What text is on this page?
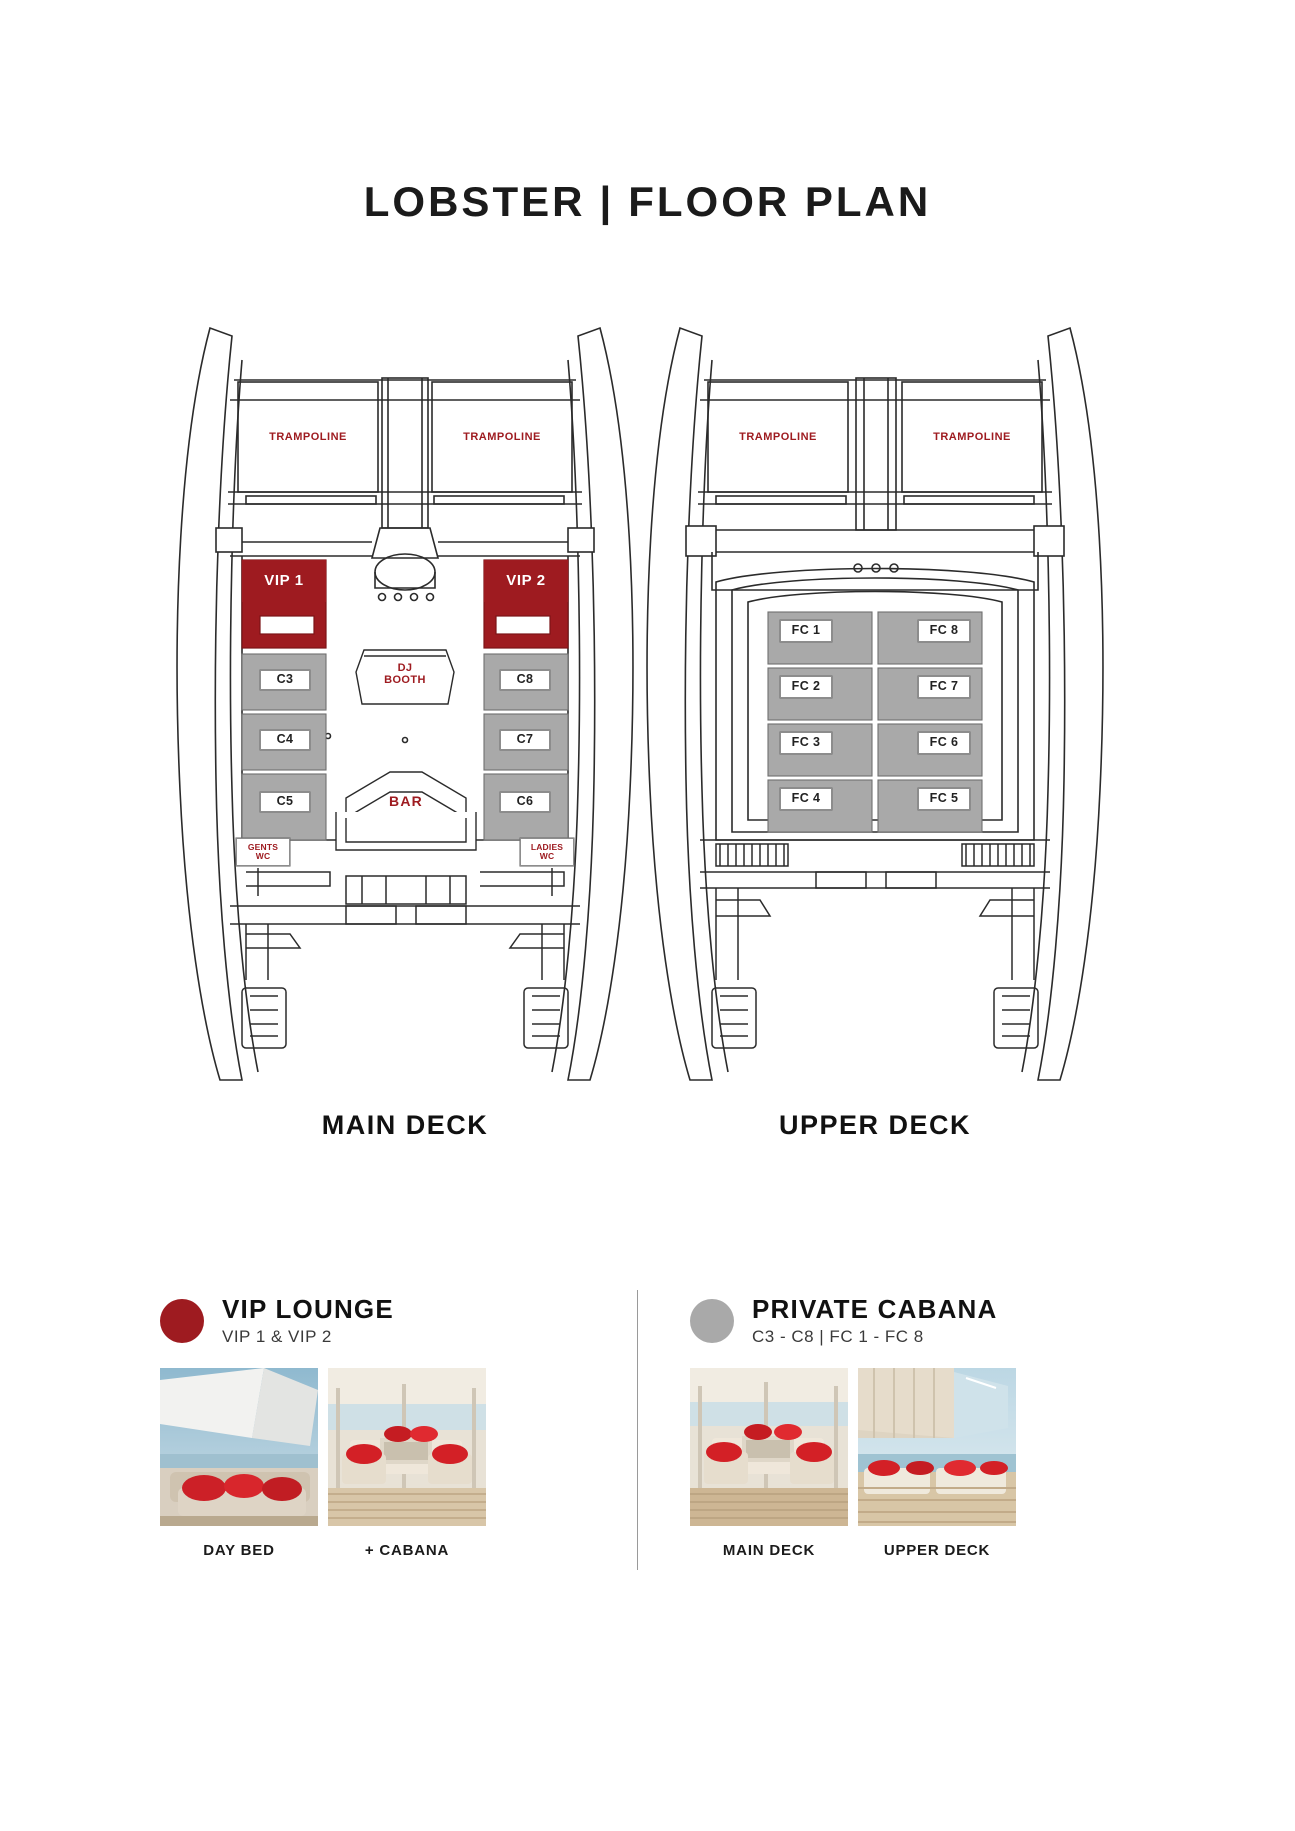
LOBSTER | FLOOR PLAN
TRAMPOLINE	TRAMPOLINE
VIP 1	VIP 2
C3
C4
C5
C8
C7
C6
DJ
BOOTH
BAR
GENTS
WC
LADIES
WC
TRAMPOLINE	TRAMPOLINE
FC 1
FC 2
FC 3
FC 4
FC 8
FC 7
FC 6
FC 5
MAIN DECK	UPPER DECK
VIP LOUNGE
VIP 1 & VIP 2
DAY BED	+ CABANA
PRIVATE CABANA
C3 - C8 | FC 1 - FC 8
MAIN DECK	UPPER DECK
